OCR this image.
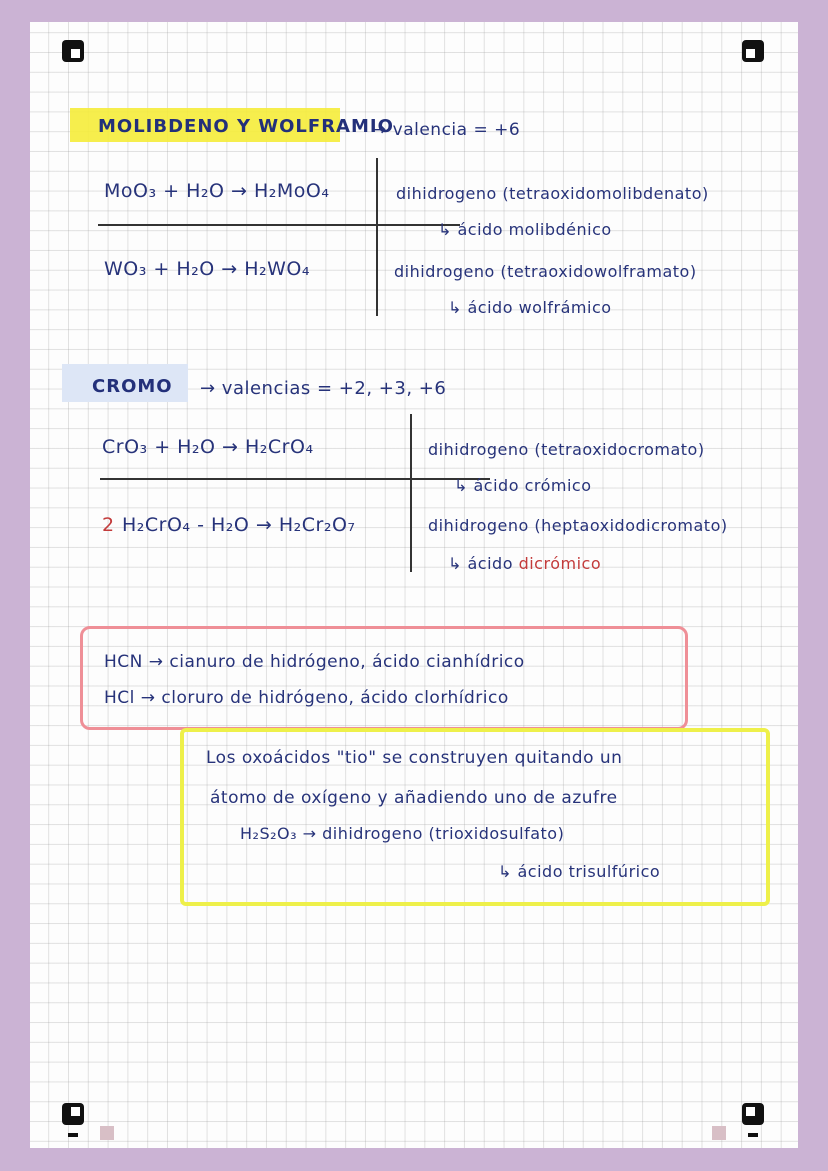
MOLIBDENO Y WOLFRAMIO
→ valencia = +6
MoO₃ + H₂O → H₂MoO₄	dihidrogeno (tetraoxidomolibdenato)
↳ ácido molibdénico
WO₃ + H₂O → H₂WO₄	dihidrogeno (tetraoxidowolframato)
↳ ácido wolfrámico
CROMO → valencias = +2, +3, +6
CrO₃ + H₂O → H₂CrO₄	dihidrogeno (tetraoxidocromato)
↳ ácido crómico
2 H₂CrO₄ - H₂O → H₂Cr₂O₇	dihidrogeno (heptaoxidodicromato)
↳ ácido dicrómico
HCN → cianuro de hidrógeno, ácido cianhídrico
HCl → cloruro de hidrógeno, ácido clorhídrico
Los oxoácidos "tio" se construyen quitando un
átomo de oxígeno y añadiendo uno de azufre
H₂S₂O₃ → dihidrogeno (trioxidosulfato)
↳ ácido trisulfúrico
